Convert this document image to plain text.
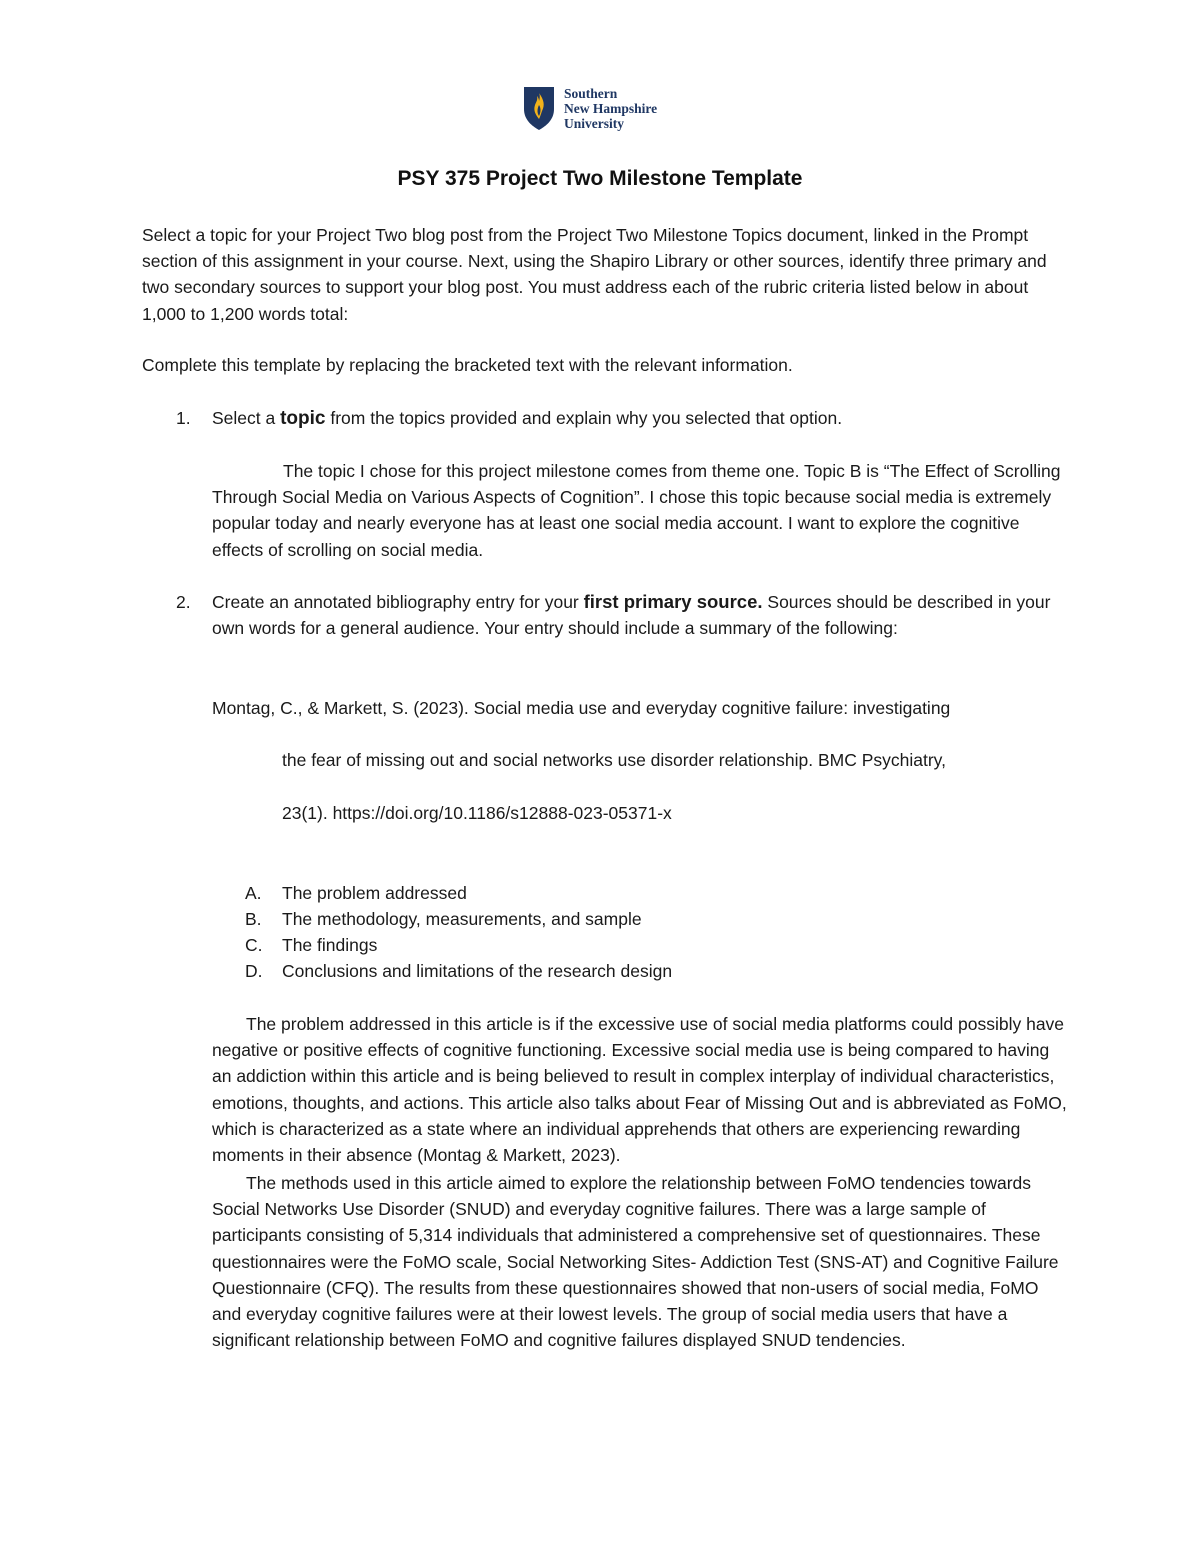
Southern
New Hampshire
University
PSY 375 Project Two Milestone Template
Select a topic for your Project Two blog post from the Project Two Milestone Topics document, linked in the Prompt section of this assignment in your course. Next, using the Shapiro Library or other sources, identify three primary and two secondary sources to support your blog post. You must address each of the rubric criteria listed below in about 1,000 to 1,200 words total:
Complete this template by replacing the bracketed text with the relevant information.
1. Select a topic from the topics provided and explain why you selected that option.
The topic I chose for this project milestone comes from theme one. Topic B is “The Effect of Scrolling Through Social Media on Various Aspects of Cognition”. I chose this topic because social media is extremely popular today and nearly everyone has at least one social media account. I want to explore the cognitive effects of scrolling on social media.
2. Create an annotated bibliography entry for your first primary source. Sources should be described in your own words for a general audience. Your entry should include a summary of the following:
Montag, C., & Markett, S. (2023). Social media use and everyday cognitive failure: investigating
the fear of missing out and social networks use disorder relationship. BMC Psychiatry,
23(1). https://doi.org/10.1186/s12888-023-05371-x
A. The problem addressed
B. The methodology, measurements, and sample
C. The findings
D. Conclusions and limitations of the research design
The problem addressed in this article is if the excessive use of social media platforms could possibly have negative or positive effects of cognitive functioning. Excessive social media use is being compared to having an addiction within this article and is being believed to result in complex interplay of individual characteristics, emotions, thoughts, and actions. This article also talks about Fear of Missing Out and is abbreviated as FoMO, which is characterized as a state where an individual apprehends that others are experiencing rewarding moments in their absence (Montag & Markett, 2023).
The methods used in this article aimed to explore the relationship between FoMO tendencies towards Social Networks Use Disorder (SNUD) and everyday cognitive failures. There was a large sample of participants consisting of 5,314 individuals that administered a comprehensive set of questionnaires. These questionnaires were the FoMO scale, Social Networking Sites- Addiction Test (SNS-AT) and Cognitive Failure Questionnaire (CFQ). The results from these questionnaires showed that non-users of social media, FoMO and everyday cognitive failures were at their lowest levels. The group of social media users that have a significant relationship between FoMO and cognitive failures displayed SNUD tendencies.
